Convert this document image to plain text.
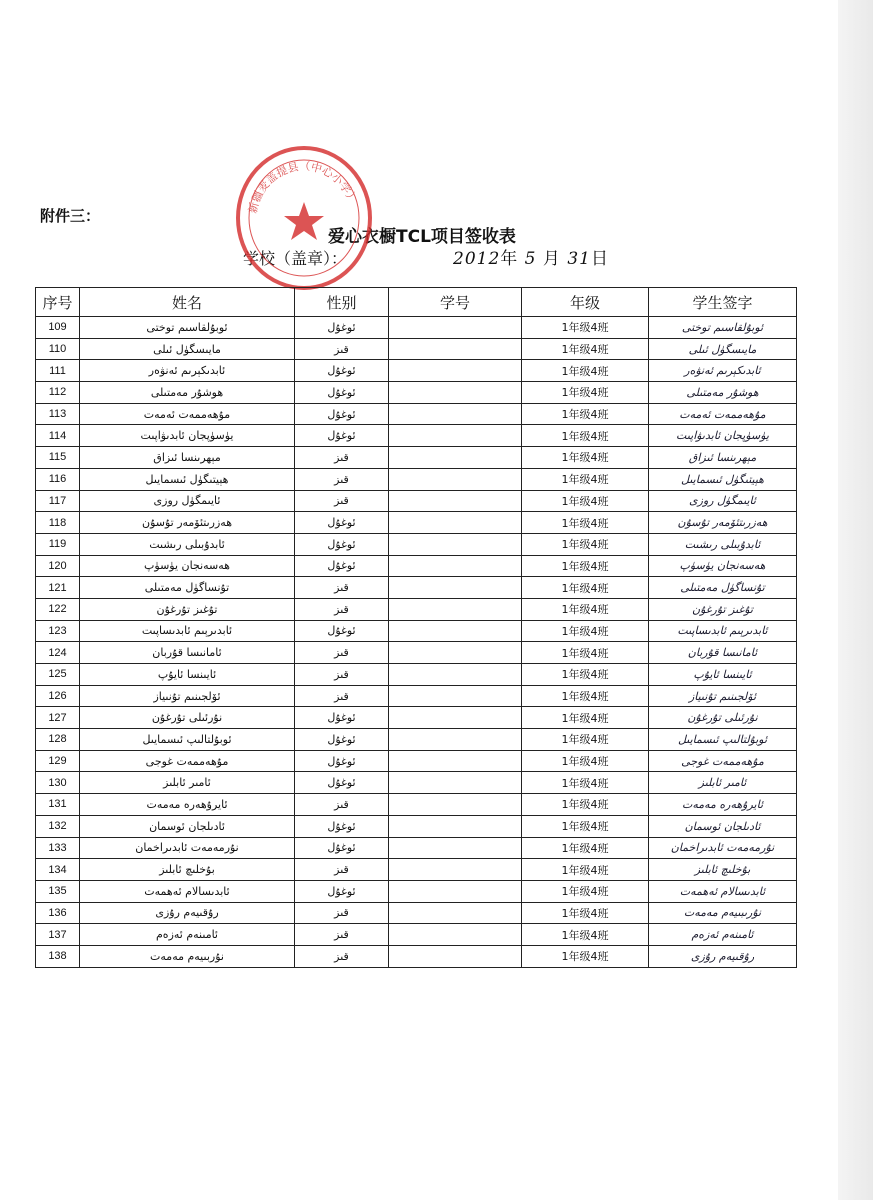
附件三：
爱心衣橱TCL项目签收表
学校（盖章）：	2012年 5 月 31日
新疆麦盖提县（中心小学）
序号	姓名	性别	学号	年级	学生签字
109	ئوبۇلقاسىم توختى	ئوغۇل		1年级4班	ئوبۇلقاسىم توختى
110	مايىسگۈل ئىلى	قىز		1年级4班	مايىسگۈل ئىلى
111	ئابدىكېرىم ئەنۋەر	ئوغۇل		1年级4班	ئابدىكېرىم ئەنۋەر
112	ھوشۇر مەمتىلى	ئوغۇل		1年级4班	ھوشۇر مەمتىلى
113	مۇھەممەت ئەمەت	ئوغۇل		1年级4班	مۇھەممەت ئەمەت
114	يۈسۈپجان ئابدىۋاپىت	ئوغۇل		1年级4班	يۈسۈپجان ئابدىۋاپىت
115	مېھرىنسا ئىزاق	قىز		1年级4班	مېھرىنسا ئىزاق
116	ھېيتىگۈل ئىسمايىل	قىز		1年级4班	ھېيتىگۈل ئىسمايىل
117	ئايىمگۈل روزى	قىز		1年级4班	ئايىمگۈل روزى
118	ھەزرىتئۆمەر تۇسۇن	ئوغۇل		1年级4班	ھەزرىتئۆمەر تۇسۇن
119	ئابدۇبىلى رىشىت	ئوغۇل		1年级4班	ئابدۇبىلى رىشىت
120	ھەسەنجان يۈسۈپ	ئوغۇل		1年级4班	ھەسەنجان يۈسۈپ
121	تۇنساگۈل مەمتىلى	قىز		1年级4班	تۇنساگۈل مەمتىلى
122	تۇغىز تۇرغۇن	قىز		1年级4班	تۇغىز تۇرغۇن
123	ئابدىرېىم ئابدىساپىت	ئوغۇل		1年级4班	ئابدىرېىم ئابدىساپىت
124	ئامانىسا قۇربان	قىز		1年级4班	ئامانىسا قۇربان
125	ئايىنسا ئايۇپ	قىز		1年级4班	ئايىنسا ئايۇپ
126	ئۆلجىنىم تۇنىياز	قىز		1年级4班	ئۆلجىنىم تۇنىياز
127	نۇرئىلى تۇرغۇن	ئوغۇل		1年级4班	نۇرئىلى تۇرغۇن
128	ئوبۇلتالىپ ئىسمايىل	ئوغۇل		1年级4班	ئوبۇلتالىپ ئىسمايىل
129	مۇھەممەت غوجى	ئوغۇل		1年级4班	مۇھەممەت غوجى
130	ئامىر ئابلىز	ئوغۇل		1年级4班	ئامىر ئابلىز
131	ئايرۇھەرە مەمەت	قىز		1年级4班	ئايرۇھەرە مەمەت
132	ئادىلجان ئوسمان	ئوغۇل		1年级4班	ئادىلجان ئوسمان
133	نۇرمەمەت ئابدىراخمان	ئوغۇل		1年级4班	نۇرمەمەت ئابدىراخمان
134	بۇخلىچ ئابلىز	قىز		1年级4班	بۇخلىچ ئابلىز
135	ئابدىسالام ئەھمەت	ئوغۇل		1年级4班	ئابدىسالام ئەھمەت
136	رۇقىيەم رۇزى	قىز		1年级4班	نۇرىبىيەم مەمەت
137	ئامىنەم ئەزەم	قىز		1年级4班	ئامىنەم ئەزەم
138	نۇربىيەم مەمەت	قىز		1年级4班	رۇقىيەم رۇزى
